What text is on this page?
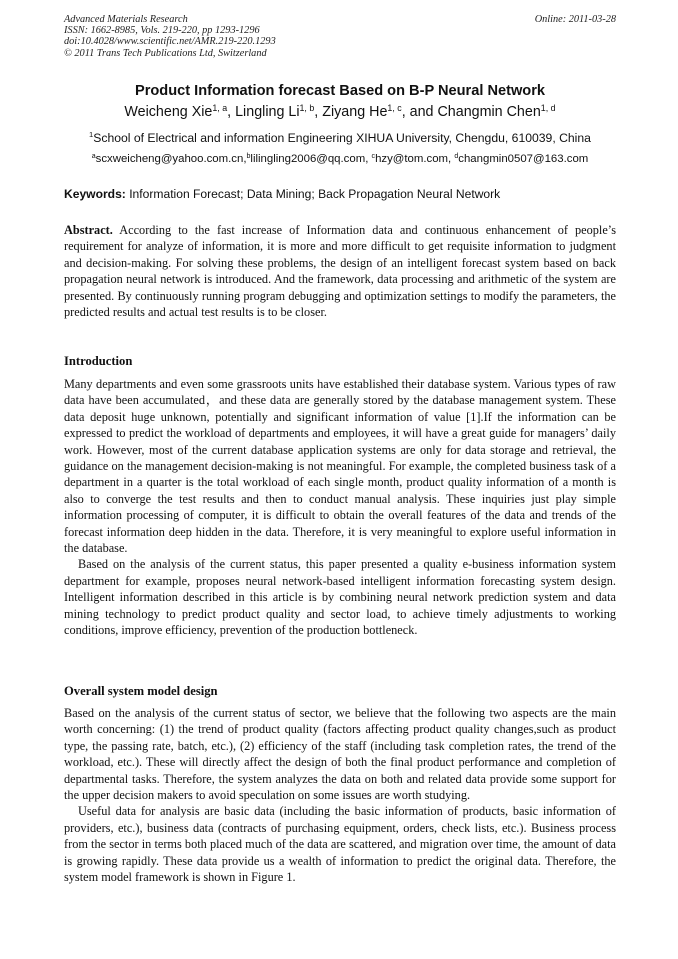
Advanced Materials Research
ISSN: 1662-8985, Vols. 219-220, pp 1293-1296
doi:10.4028/www.scientific.net/AMR.219-220.1293
© 2011 Trans Tech Publications Ltd, Switzerland
Online: 2011-03-28
Product Information forecast Based on B-P Neural Network
Weicheng Xie$^{1, a}$, Lingling Li$^{1, b}$, Ziyang He$^{1, c}$, and Changmin Chen$^{1, d}$
$^1$School of Electrical and information Engineering XIHUA University, Chengdu, 610039, China
$^a$scxweicheng@yahoo.com.cn,$^b$lilingling2006@qq.com, $^c$hzy@tom.com, $^d$changmin0507@163.com
Keywords: Information Forecast; Data Mining; Back Propagation Neural Network

Abstract. According to the fast increase of Information data and continuous enhancement of people’s requirement for analyze of information, it is more and more difficult to get requisite information to judgment and decision-making. For solving these problems, the design of an intelligent forecast system based on back propagation neural network is introduced. And the framework, data processing and arithmetic of the system are presented. By continuously running program debugging and optimization settings to modify the parameters, the predicted results and actual test results is to be closer.

Introduction

Many departments and even some grassroots units have established their database system. Various types of raw data have been accumulated，and these data are generally stored by the database management system. These data deposit huge unknown, potentially and significant information of value [1].If the information can be expressed to predict the workload of departments and employees, it will have a great guide for managers’ daily work. However, most of the current database application systems are only for data storage and retrieval, the guidance on the management decision-making is not meaningful. For example, the completed business task of a department in a quarter is the total workload of each single month, product quality information of a month is also to converge the test results and then to conduct manual analysis. These inquiries just play simple information processing of computer, it is difficult to obtain the overall features of the data and trends of the forecast information deep hidden in the data. Therefore, it is very meaningful to explore useful information in the database.

Based on the analysis of the current status, this paper presented a quality e-business information system department for example, proposes neural network-based intelligent information forecasting system design. Intelligent information described in this article is by combining neural network prediction system and data mining technology to predict product quality and sector load, to achieve timely adjustments to working conditions, improve efficiency, prevention of the production bottleneck.

Overall system model design

Based on the analysis of the current status of sector, we believe that the following two aspects are the main worth concerning: (1) the trend of product quality (factors affecting product quality changes,such as product type, the passing rate, batch, etc.), (2) efficiency of the staff (including task completion rates, the trend of the workload, etc.). These will directly affect the design of both the final product performance and completion of departmental tasks. Therefore, the system analyzes the data on both and related data provide some support for the upper decision makers to avoid speculation on some issues are worth studying.

Useful data for analysis are basic data (including the basic information of products, basic information of providers, etc.), business data (contracts of purchasing equipment, orders, check lists, etc.). Business process from the sector in terms both placed much of the data are scattered, and migration over time, the amount of data is growing rapidly. These data provide us a wealth of information to predict the original data. Therefore, the system model framework is shown in Figure 1.
